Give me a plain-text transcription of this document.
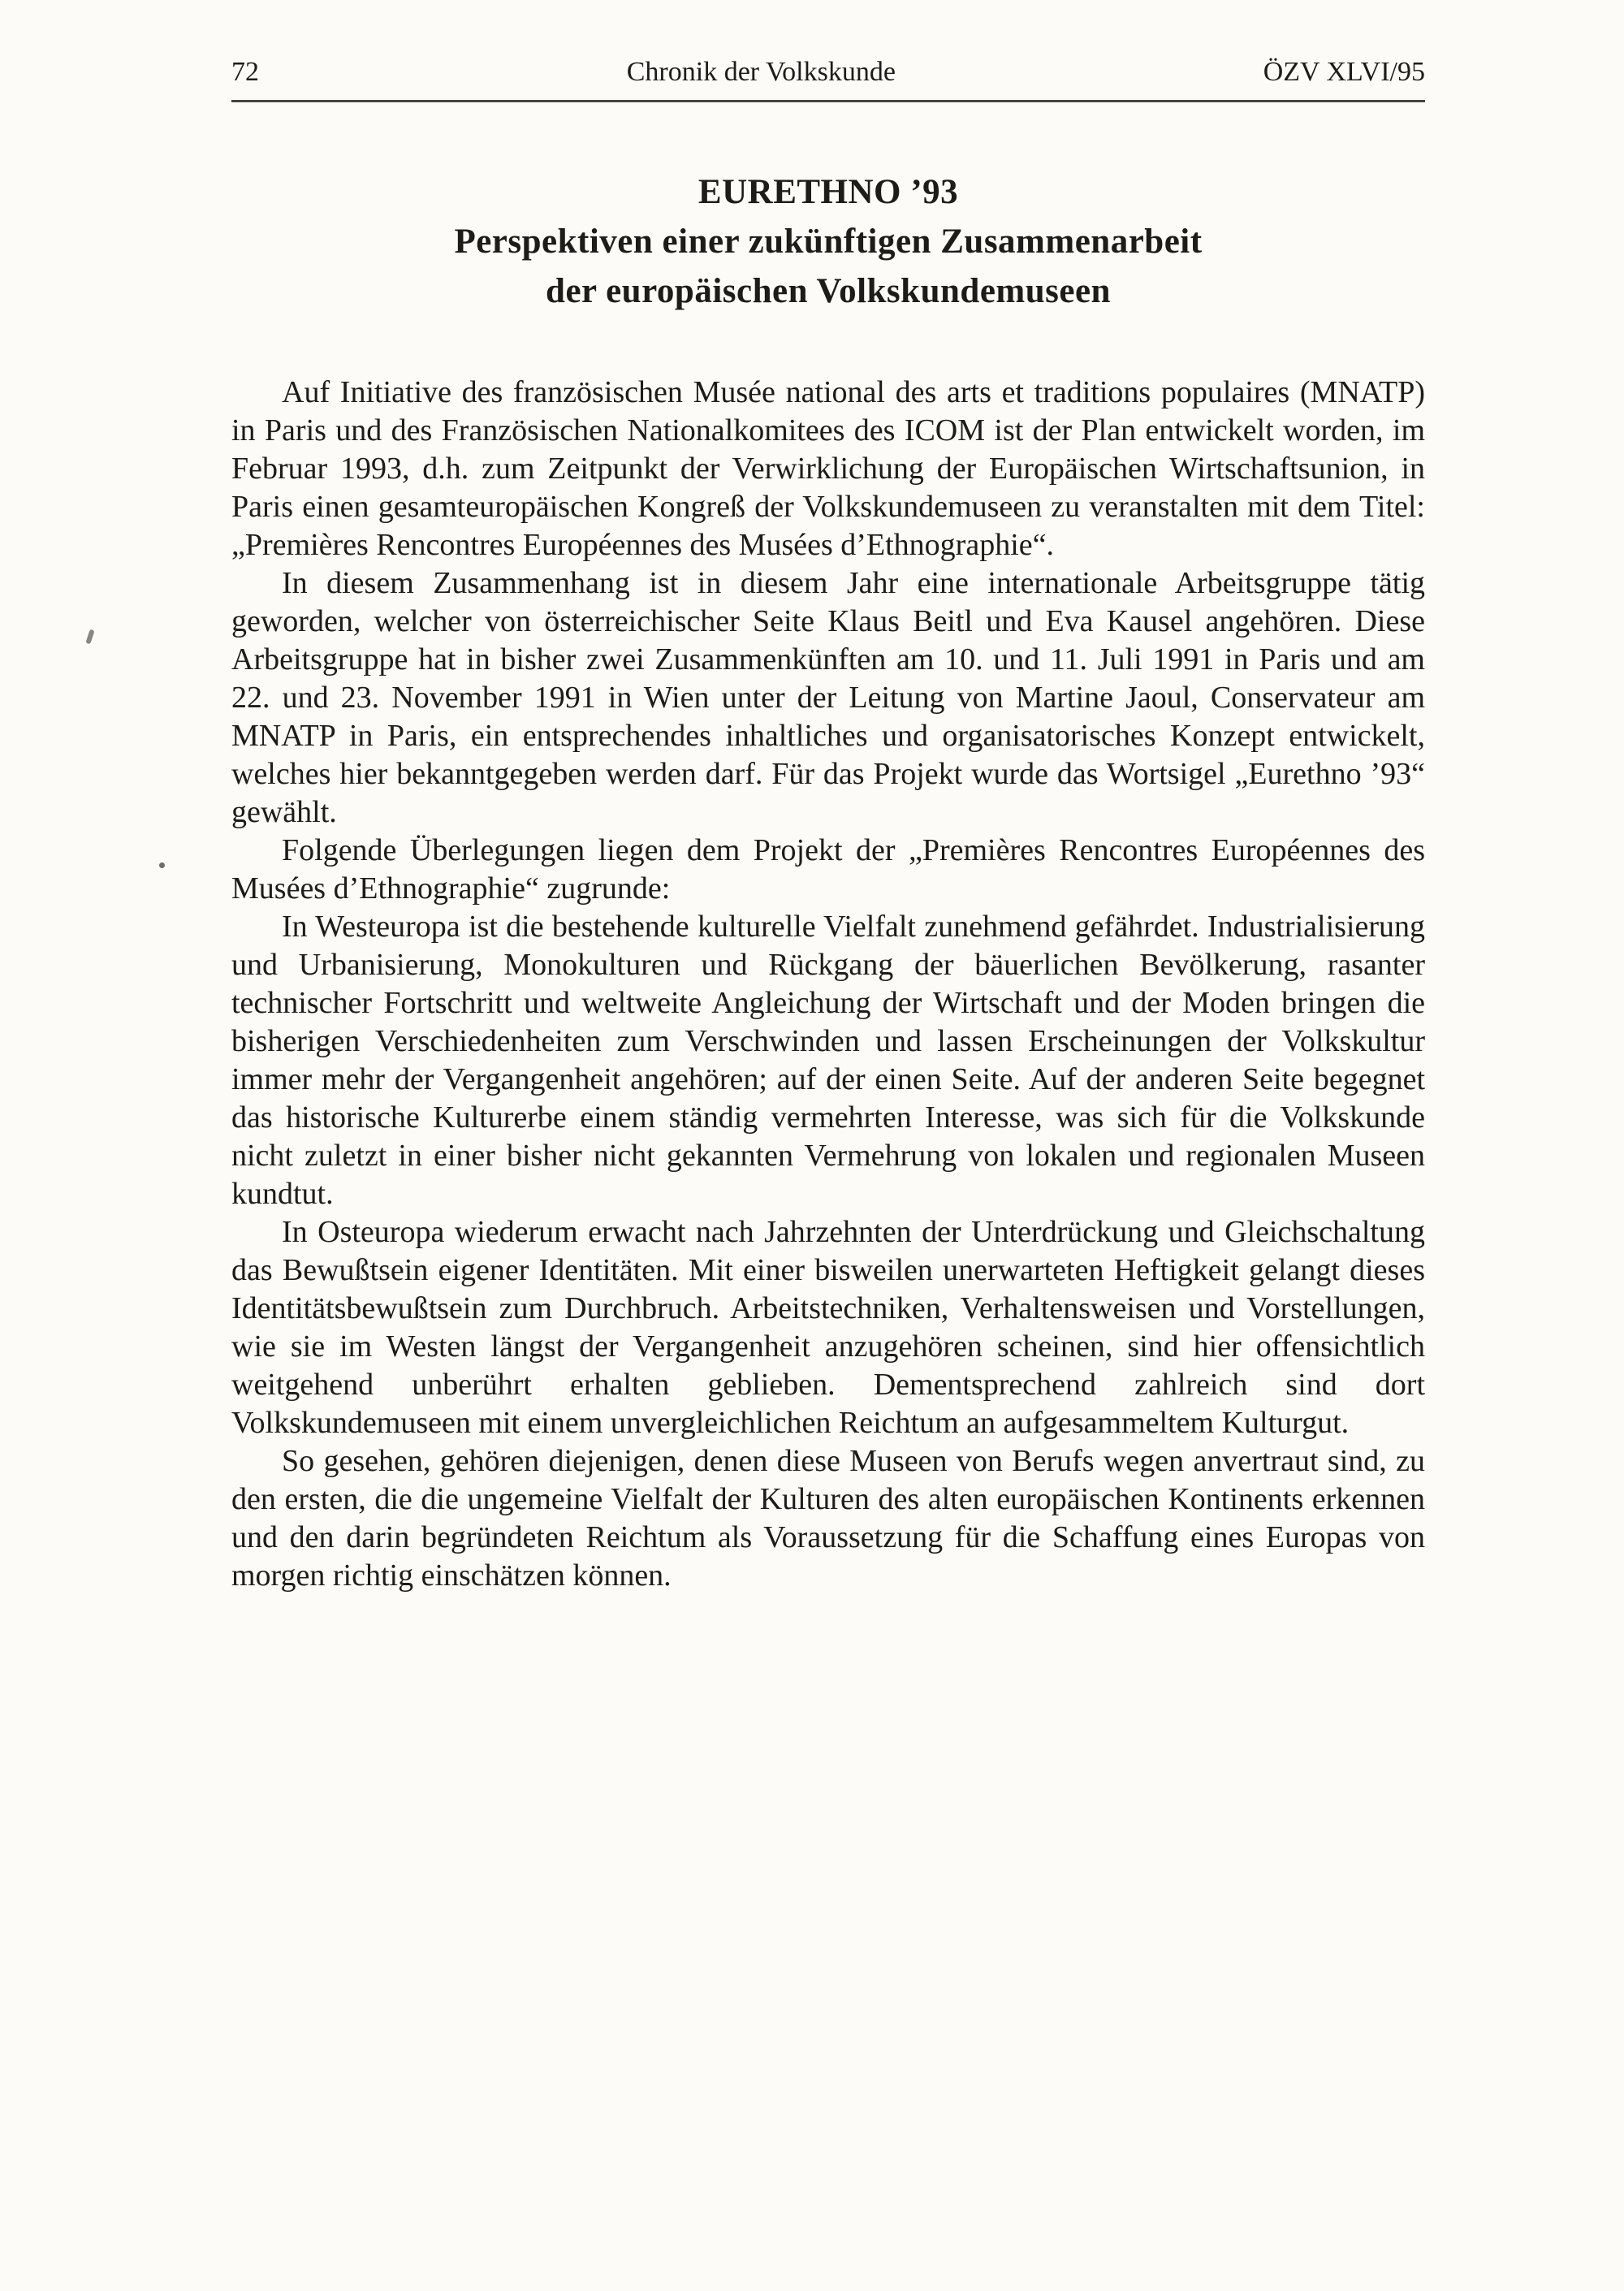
72	Chronik der Volkskunde	ÖZV XLVI/95
EURETHNO ’93
Perspektiven einer zukünftigen Zusammenarbeit
der europäischen Volkskundemuseen

Auf Initiative des französischen Musée national des arts et traditions populaires (MNATP) in Paris und des Französischen Nationalkomitees des ICOM ist der Plan entwickelt worden, im Februar 1993, d.h. zum Zeitpunkt der Verwirklichung der Europäischen Wirtschaftsunion, in Paris einen gesamteuropäischen Kongreß der Volkskundemuseen zu veranstalten mit dem Titel: „Premières Rencontres Européennes des Musées d’Ethnographie“.

In diesem Zusammenhang ist in diesem Jahr eine internationale Arbeitsgruppe tätig geworden, welcher von österreichischer Seite Klaus Beitl und Eva Kausel angehören. Diese Arbeitsgruppe hat in bisher zwei Zusammenkünften am 10. und 11. Juli 1991 in Paris und am 22. und 23. November 1991 in Wien unter der Leitung von Martine Jaoul, Conservateur am MNATP in Paris, ein entsprechendes inhaltliches und organisatorisches Konzept entwickelt, welches hier bekanntgegeben werden darf. Für das Projekt wurde das Wortsigel „Eurethno ’93“ gewählt.

Folgende Überlegungen liegen dem Projekt der „Premières Rencontres Européennes des Musées d’Ethnographie“ zugrunde:

In Westeuropa ist die bestehende kulturelle Vielfalt zunehmend gefährdet. Industrialisierung und Urbanisierung, Monokulturen und Rückgang der bäuerlichen Bevölkerung, rasanter technischer Fortschritt und weltweite Angleichung der Wirtschaft und der Moden bringen die bisherigen Verschiedenheiten zum Verschwinden und lassen Erscheinungen der Volkskultur immer mehr der Vergangenheit angehören; auf der einen Seite. Auf der anderen Seite begegnet das historische Kulturerbe einem ständig vermehrten Interesse, was sich für die Volkskunde nicht zuletzt in einer bisher nicht gekannten Vermehrung von lokalen und regionalen Museen kundtut.

In Osteuropa wiederum erwacht nach Jahrzehnten der Unterdrückung und Gleichschaltung das Bewußtsein eigener Identitäten. Mit einer bisweilen unerwarteten Heftigkeit gelangt dieses Identitätsbewußtsein zum Durchbruch. Arbeitstechniken, Verhaltensweisen und Vorstellungen, wie sie im Westen längst der Vergangenheit anzugehören scheinen, sind hier offensichtlich weitgehend unberührt erhalten geblieben. Dementsprechend zahlreich sind dort Volkskundemuseen mit einem unvergleichlichen Reichtum an aufgesammeltem Kulturgut.

So gesehen, gehören diejenigen, denen diese Museen von Berufs wegen anvertraut sind, zu den ersten, die die ungemeine Vielfalt der Kulturen des alten europäischen Kontinents erkennen und den darin begründeten Reichtum als Voraussetzung für die Schaffung eines Europas von morgen richtig einschätzen können.
